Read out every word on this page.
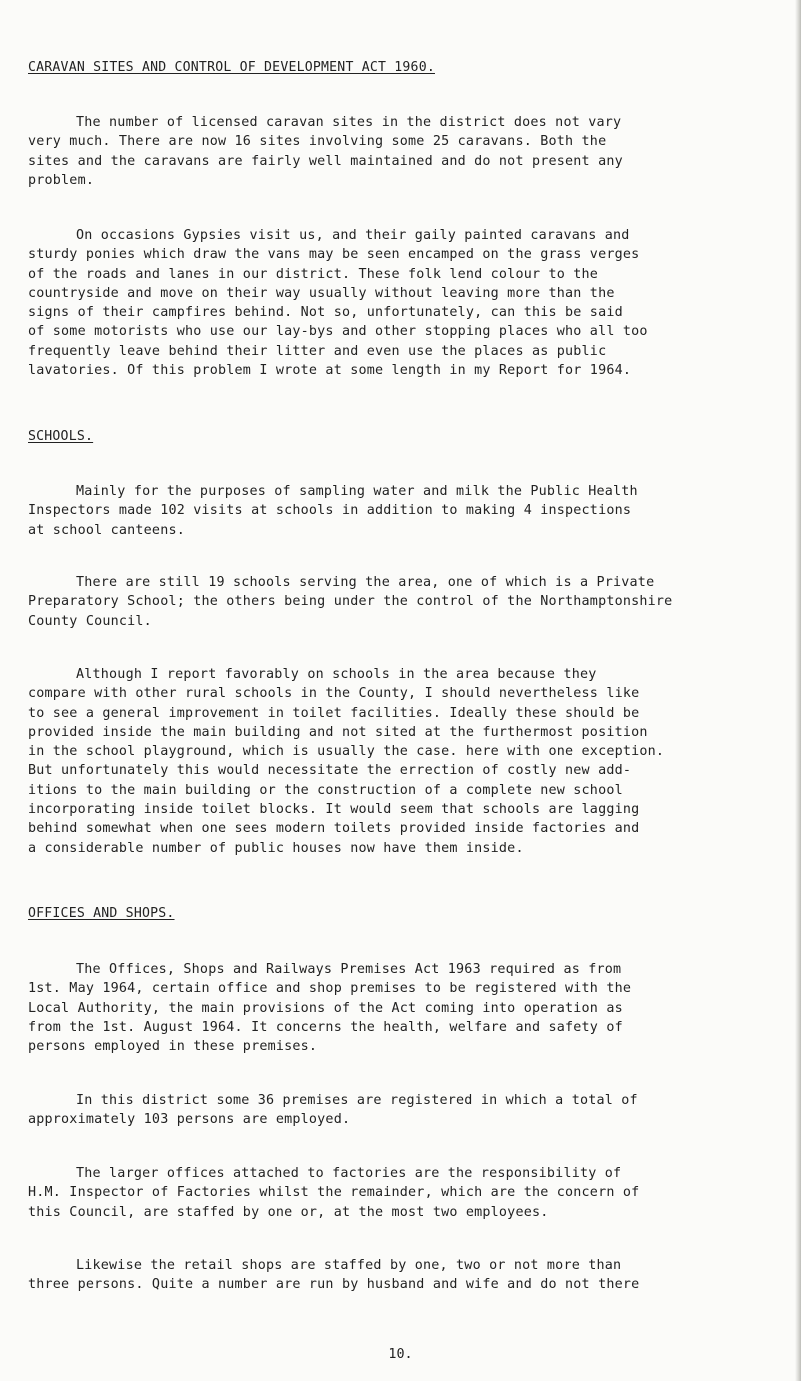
CARAVAN SITES AND CONTROL OF DEVELOPMENT ACT 1960.
The number of licensed caravan sites in the district does not vary
very much. There are now 16 sites involving some 25 caravans. Both the
sites and the caravans are fairly well maintained and do not present any
problem.
On occasions Gypsies visit us, and their gaily painted caravans and
sturdy ponies which draw the vans may be seen encamped on the grass verges
of the roads and lanes in our district. These folk lend colour to the
countryside and move on their way usually without leaving more than the
signs of their campfires behind. Not so, unfortunately, can this be said
of some motorists who use our lay-bys and other stopping places who all too
frequently leave behind their litter and even use the places as public
lavatories. Of this problem I wrote at some length in my Report for 1964.
SCHOOLS.
Mainly for the purposes of sampling water and milk the Public Health
Inspectors made 102 visits at schools in addition to making 4 inspections
at school canteens.
There are still 19 schools serving the area, one of which is a Private
Preparatory School; the others being under the control of the Northamptonshire
County Council.
Although I report favorably on schools in the area because they
compare with other rural schools in the County, I should nevertheless like
to see a general improvement in toilet facilities. Ideally these should be
provided inside the main building and not sited at the furthermost position
in the school playground, which is usually the case. here with one exception.
But unfortunately this would necessitate the errection of costly new add-
itions to the main building or the construction of a complete new school
incorporating inside toilet blocks. It would seem that schools are lagging
behind somewhat when one sees modern toilets provided inside factories and
a considerable number of public houses now have them inside.
OFFICES AND SHOPS.
The Offices, Shops and Railways Premises Act 1963 required as from
1st. May 1964, certain office and shop premises to be registered with the
Local Authority, the main provisions of the Act coming into operation as
from the 1st. August 1964. It concerns the health, welfare and safety of
persons employed in these premises.
In this district some 36 premises are registered in which a total of
approximately 103 persons are employed.
The larger offices attached to factories are the responsibility of
H.M. Inspector of Factories whilst the remainder, which are the concern of
this Council, are staffed by one or, at the most two employees.
Likewise the retail shops are staffed by one, two or not more than
three persons. Quite a number are run by husband and wife and do not there
10.
